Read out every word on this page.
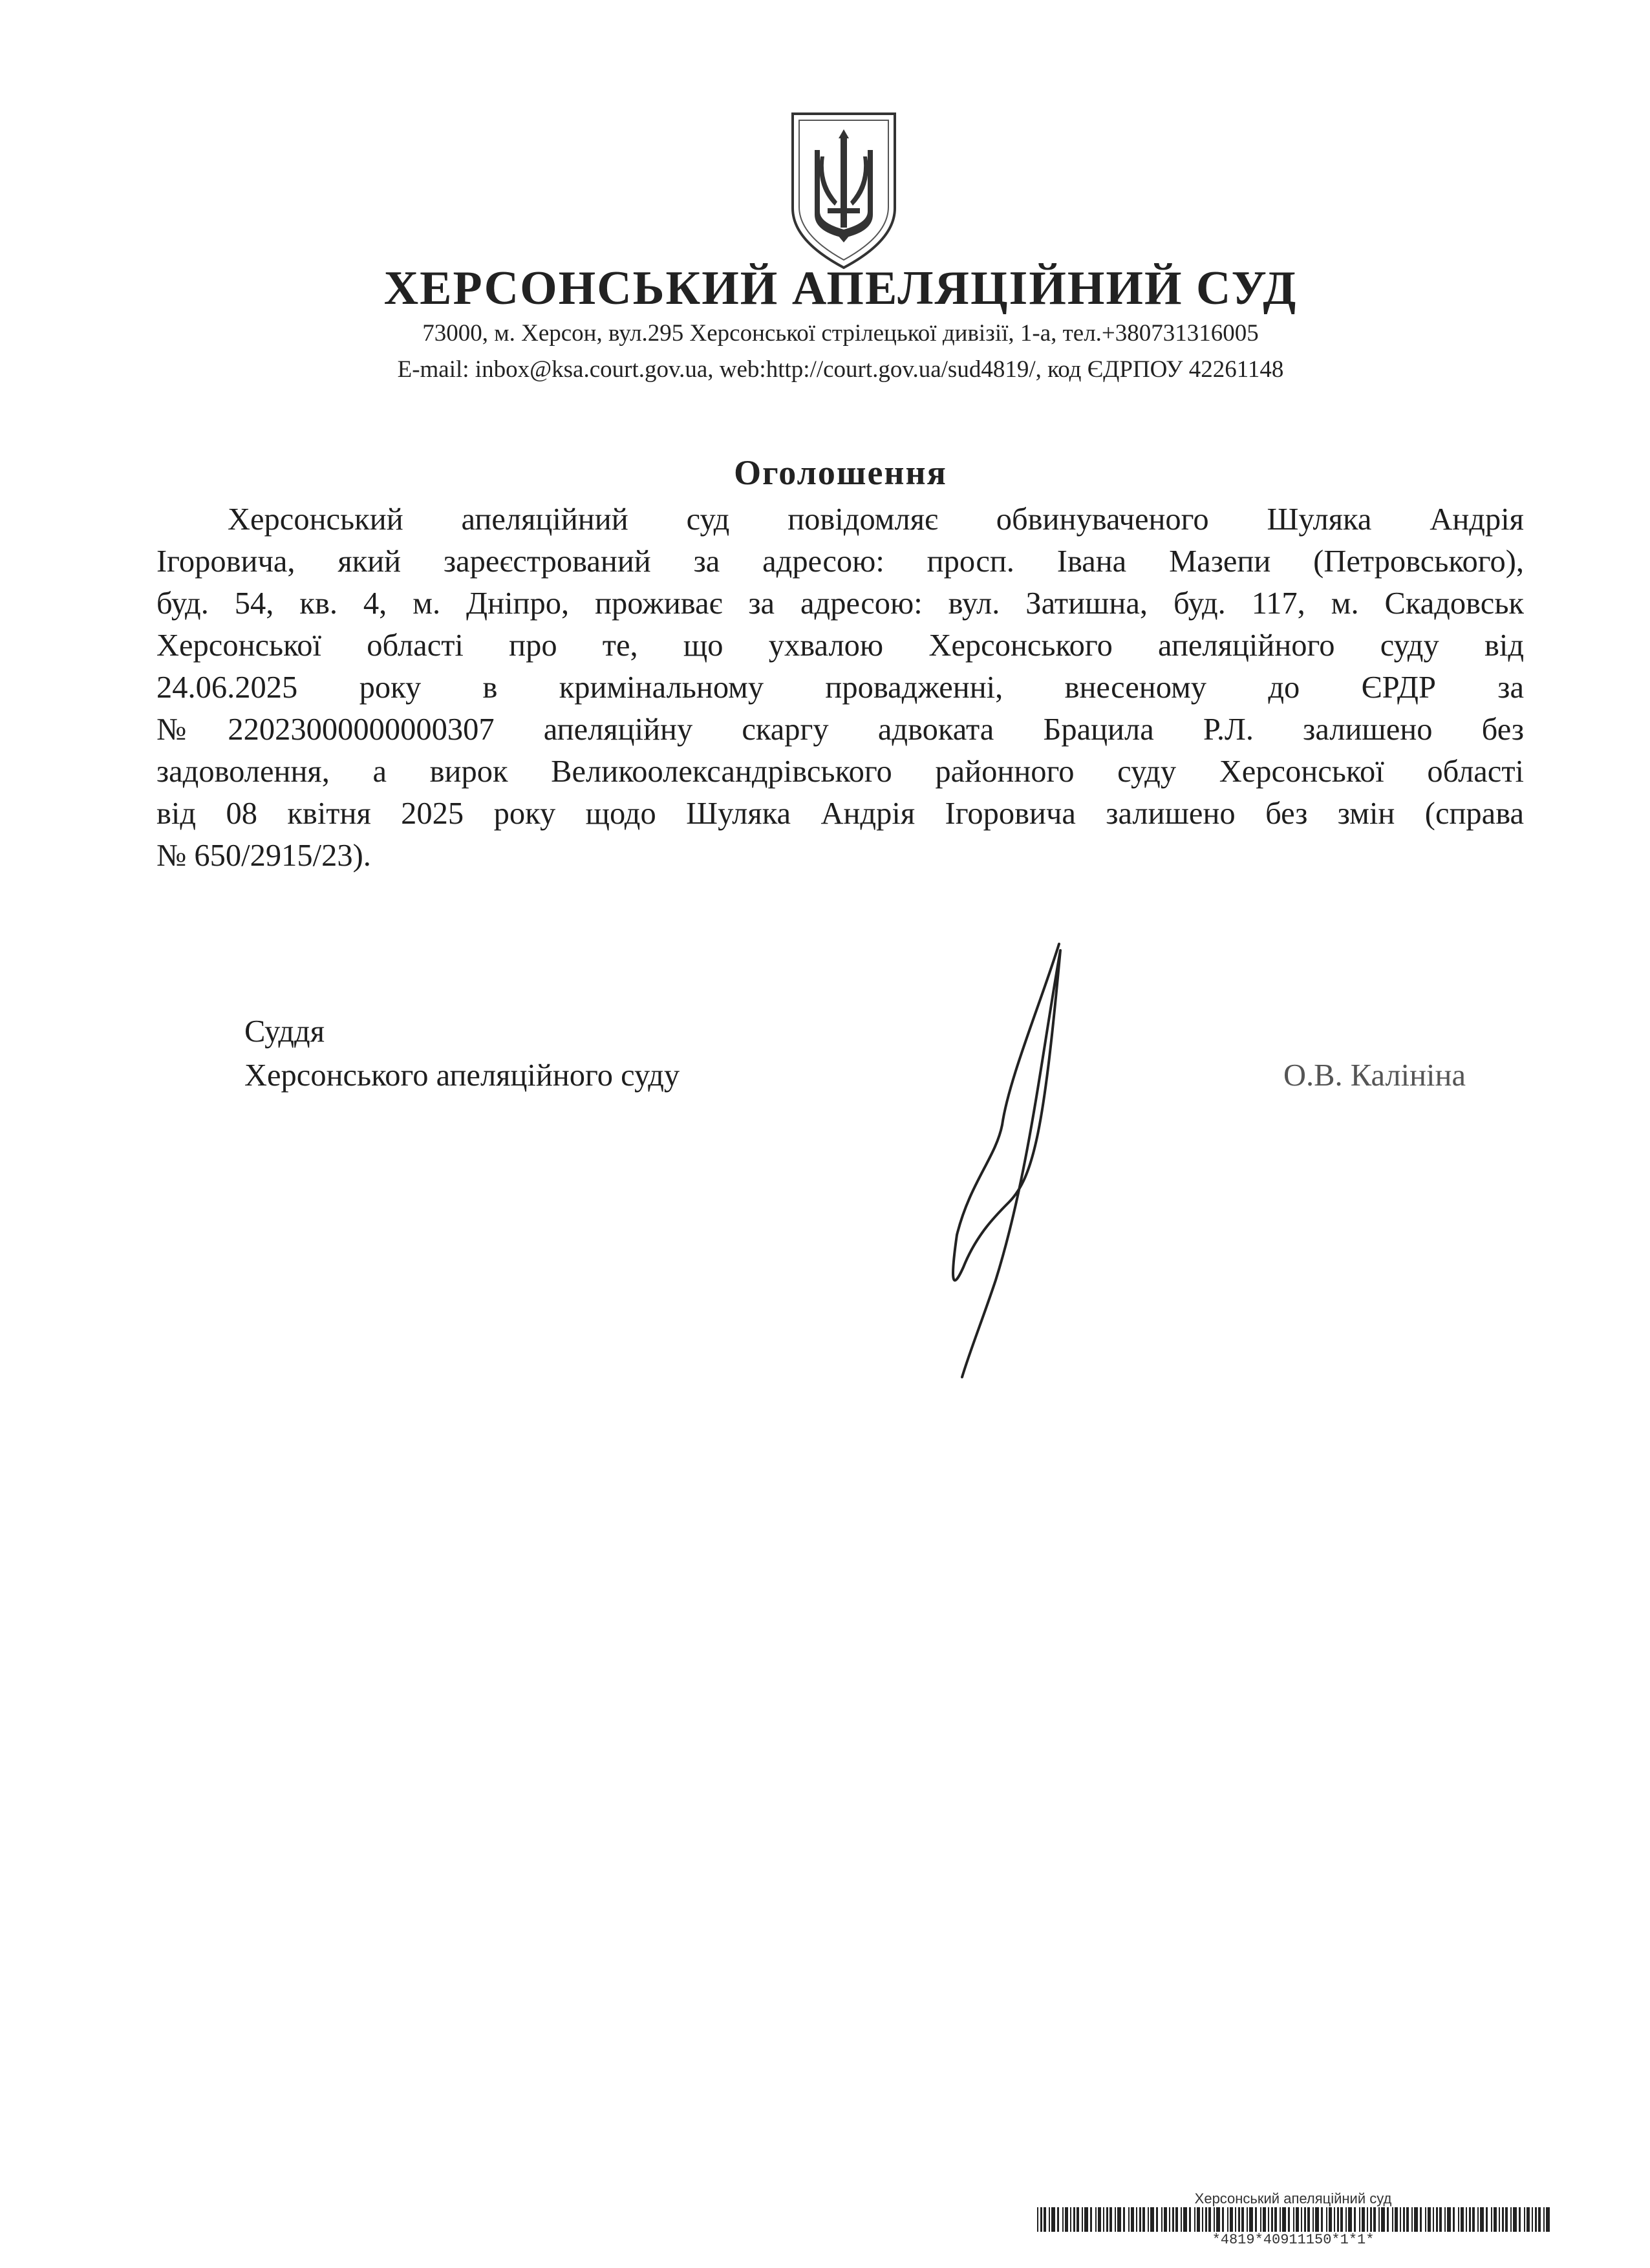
ХЕРСОНСЬКИЙ АПЕЛЯЦІЙНИЙ СУД
73000, м. Херсон, вул.295 Херсонської стрілецької дивізії, 1-а, тел.+380731316005
E-mail: inbox@ksa.court.gov.ua, web:http://court.gov.ua/sud4819/, код ЄДРПОУ 42261148
Оголошення
Херсонський апеляційний суд повідомляє обвинуваченого Шуляка Андрія
Ігоровича, який зареєстрований за адресою: просп. Івана Мазепи (Петровського),
буд. 54, кв. 4, м. Дніпро, проживає за адресою: вул. Затишна, буд. 117, м. Скадовськ
Херсонської області про те, що ухвалою Херсонського апеляційного суду від
24.06.2025 року в кримінальному провадженні, внесеному до ЄРДР за
№22023000000000307 апеляційну скаргу адвоката Брацила Р.Л. залишено без
задоволення, а вирок Великоолександрівського районного суду Херсонської області
від 08 квітня 2025 року щодо Шуляка Андрія Ігоровича залишено без змін (справа
№ 650/2915/23).
Суддя
Херсонського апеляційного суду	О.В. Калініна
Херсонський апеляційний суд
*4819*40911150*1*1*
